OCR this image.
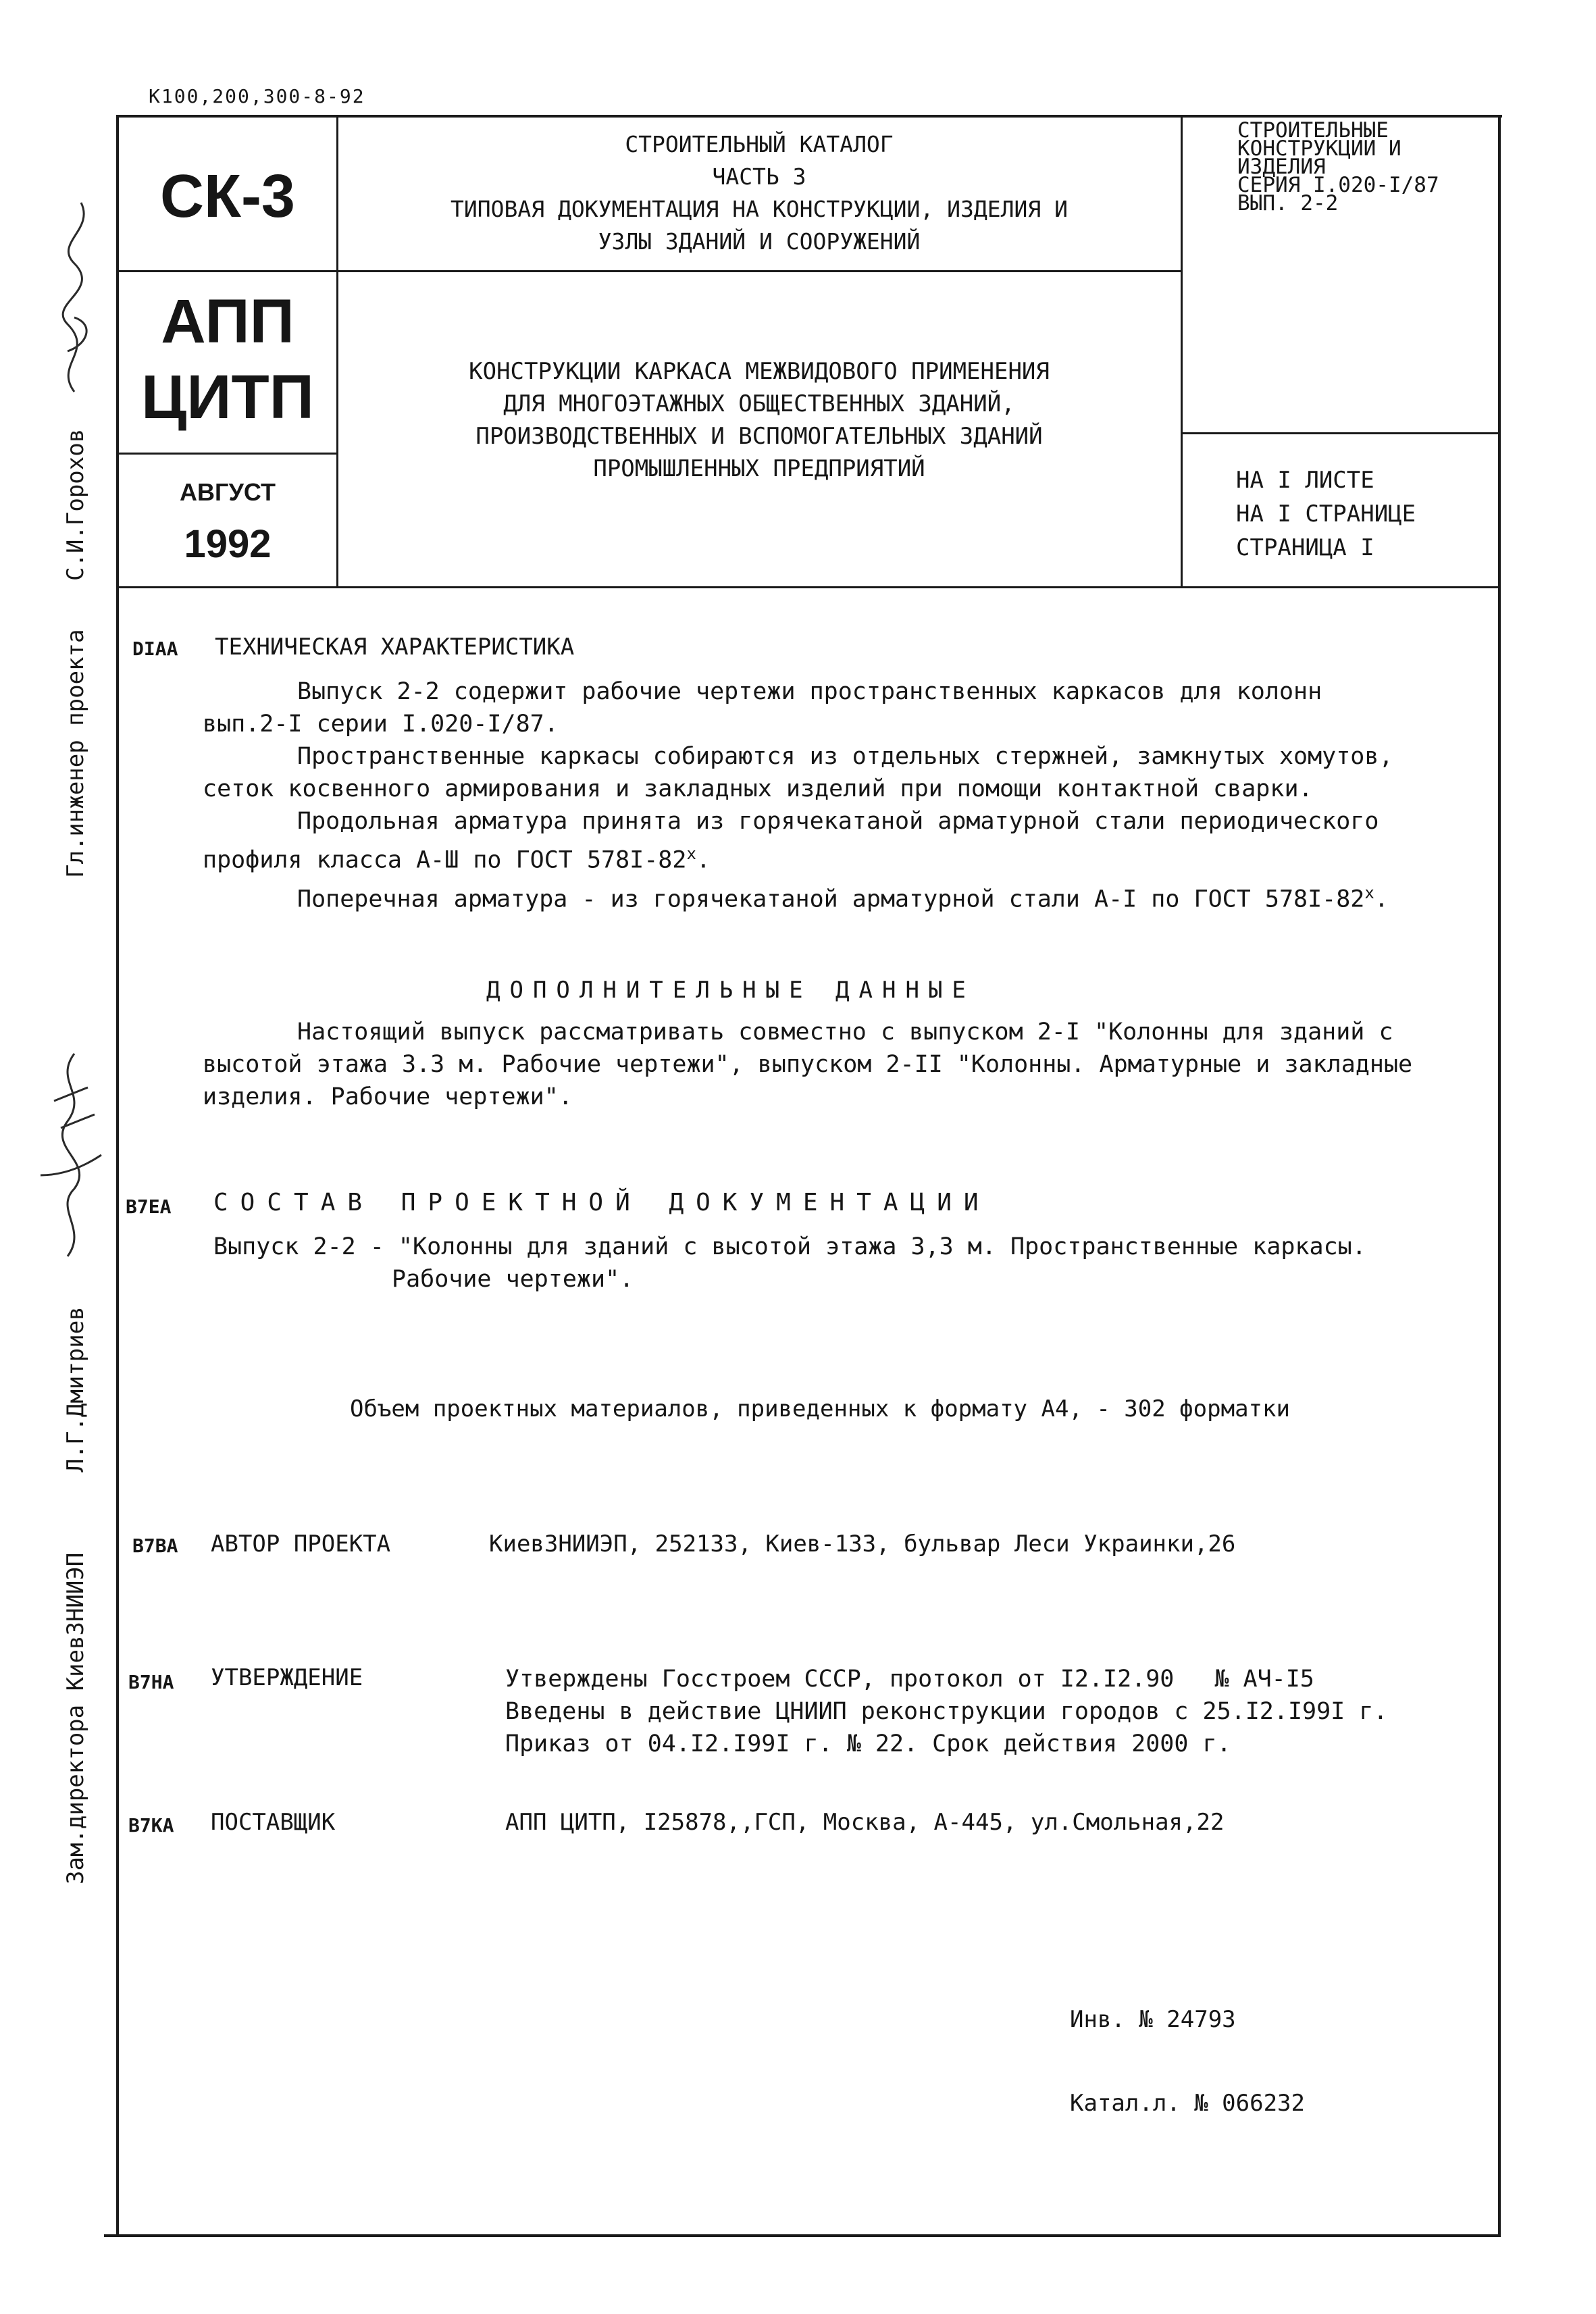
К100,200,300-8-92
СК-3
СТРОИТЕЛЬНЫЙ КАТАЛОГ
ЧАСТЬ 3
ТИПОВАЯ ДОКУМЕНТАЦИЯ НА КОНСТРУКЦИИ, ИЗДЕЛИЯ И
УЗЛЫ ЗДАНИЙ И СООРУЖЕНИЙ
СТРОИТЕЛЬНЫЕ
КОНСТРУКЦИИ И
ИЗДЕЛИЯ
СЕРИЯ I.020-I/87
ВЫП. 2-2
АПП
ЦИТП
АВГУСТ
1992
КОНСТРУКЦИИ КАРКАСА МЕЖВИДОВОГО ПРИМЕНЕНИЯ
ДЛЯ МНОГОЭТАЖНЫХ ОБЩЕСТВЕННЫХ ЗДАНИЙ,
ПРОИЗВОДСТВЕННЫХ И ВСПОМОГАТЕЛЬНЫХ ЗДАНИЙ
ПРОМЫШЛЕННЫХ ПРЕДПРИЯТИЙ	НА I ЛИСТЕ
НА I СТРАНИЦЕ
СТРАНИЦА I
С.И.Горохов
Гл.инженер проекта
Л.Г.Дмитриев
Зам.директора КиевЗНИИЭП
DIAA ТЕХНИЧЕСКАЯ ХАРАКТЕРИСТИКА
Выпуск 2-2 содержит рабочие чертежи пространственных каркасов для колонн
вып.2-I серии I.020-I/87.
Пространственные каркасы собираются из отдельных стержней, замкнутых хомутов,
сеток косвенного армирования и закладных изделий при помощи контактной сварки.
Продольная арматура принята из горячекатаной арматурной стали периодического
профиля класса А-Ш по ГОСТ 578I-82$^x$.
Поперечная арматура - из горячекатаной арматурной стали А-I по ГОСТ 578I-82$^x$.
ДОПОЛНИТЕЛЬНЫЕ ДАННЫЕ
Настоящий выпуск рассматривать совместно с выпуском 2-I "Колонны для зданий с
высотой этажа 3.3 м. Рабочие чертежи", выпуском 2-II "Колонны. Арматурные и закладные
изделия. Рабочие чертежи".
B7EA СОСТАВ ПРОЕКТНОЙ ДОКУМЕНТАЦИИ
Выпуск 2-2 - "Колонны для зданий с высотой этажа 3,3 м. Пространственные каркасы.
Рабочие чертежи".
Объем проектных материалов, приведенных к формату А4, - 302 форматки
B7BA АВТОР ПРОЕКТА	КиевЗНИИЭП, 252133, Киев-133, бульвар Леси Украинки,26
B7HA УТВЕРЖДЕНИЕ	Утверждены Госстроем СССР, протокол от I2.I2.90 № АЧ-I5
Введены в действие ЦНИИП реконструкции городов с 25.I2.I99I г.
Приказ от 04.I2.I99I г. № 22. Срок действия 2000 г.
B7KA ПОСТАВЩИК	АПП ЦИТП, I25878,,ГСП, Москва, А-445, ул.Смольная,22
Инв. № 24793
Катал.л. № 066232
